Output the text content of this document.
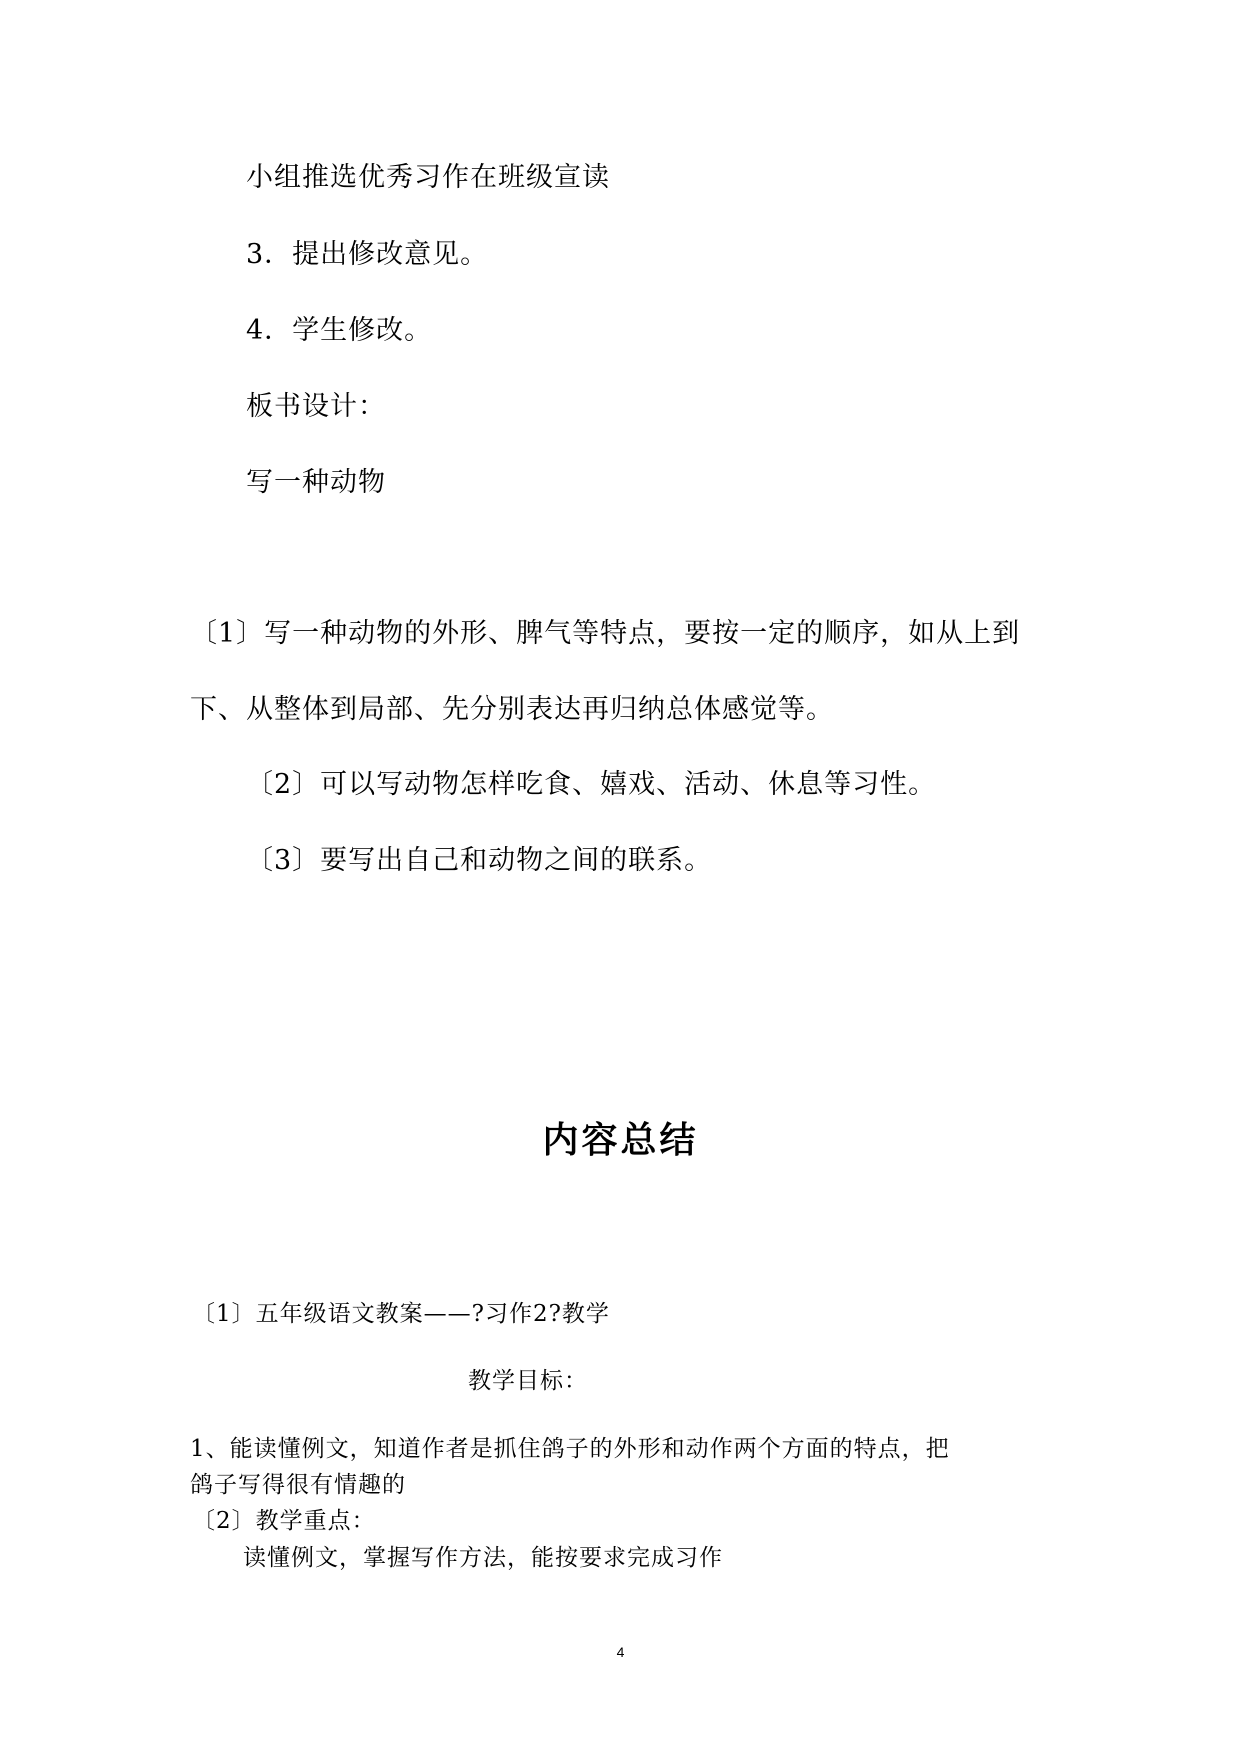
小组推选优秀习作在班级宣读
3．提出修改意见。
4．学生修改。
板书设计：
写一种动物
〔1〕写一种动物的外形、脾气等特点，要按一定的顺序，如从上到
下、从整体到局部、先分别表达再归纳总体感觉等。
〔2〕可以写动物怎样吃食、嬉戏、活动、休息等习性。
〔3〕要写出自己和动物之间的联系。
内容总结
〔1〕五年级语文教案——?习作2?教学
教学目标：
1、能读懂例文，知道作者是抓住鸽子的外形和动作两个方面的特点，把
鸽子写得很有情趣的
〔2〕教学重点：
读懂例文，掌握写作方法，能按要求完成习作
4
